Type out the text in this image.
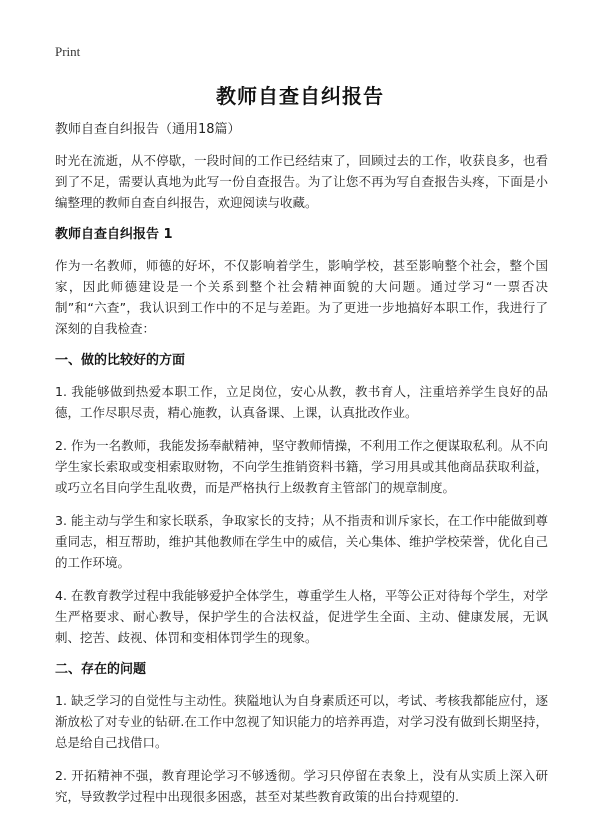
Print
教师自查自纠报告

教师自查自纠报告（通用18篇）

时光在流逝，从不停歇，一段时间的工作已经结束了，回顾过去的工作，收获良多，也看到了不足，需要认真地为此写一份自查报告。为了让您不再为写自查报告头疼，下面是小编整理的教师自查自纠报告，欢迎阅读与收藏。

教师自查自纠报告 1

作为一名教师，师德的好坏，不仅影响着学生，影响学校，甚至影响整个社会，整个国家，因此师德建设是一个关系到整个社会精神面貌的大问题。通过学习“一票否决制”和“六查”，我认识到工作中的不足与差距。为了更进一步地搞好本职工作，我进行了深刻的自我检查：

一、做的比较好的方面

1. 我能够做到热爱本职工作，立足岗位，安心从教，教书育人，注重培养学生良好的品德，工作尽职尽责，精心施教，认真备课、上课，认真批改作业。

2. 作为一名教师，我能发扬奉献精神，坚守教师情操，不利用工作之便谋取私利。从不向学生家长索取或变相索取财物，不向学生推销资料书籍，学习用具或其他商品获取利益，或巧立名目向学生乱收费，而是严格执行上级教育主管部门的规章制度。

3. 能主动与学生和家长联系，争取家长的支持；从不指责和训斥家长，在工作中能做到尊重同志，相互帮助，维护其他教师在学生中的威信，关心集体、维护学校荣誉，优化自己的工作环境。

4. 在教育教学过程中我能够爱护全体学生，尊重学生人格，平等公正对待每个学生，对学生严格要求、耐心教导，保护学生的合法权益，促进学生全面、主动、健康发展，无讽刺、挖苦、歧视、体罚和变相体罚学生的现象。

二、存在的问题

1. 缺乏学习的自觉性与主动性。狭隘地认为自身素质还可以，考试、考核我都能应付，逐渐放松了对专业的钻研.在工作中忽视了知识能力的培养再造，对学习没有做到长期坚持，总是给自己找借口。

2. 开拓精神不强，教育理论学习不够透彻。学习只停留在表象上，没有从实质上深入研究，导致教学过程中出现很多困惑，甚至对某些教育政策的出台持观望的.
